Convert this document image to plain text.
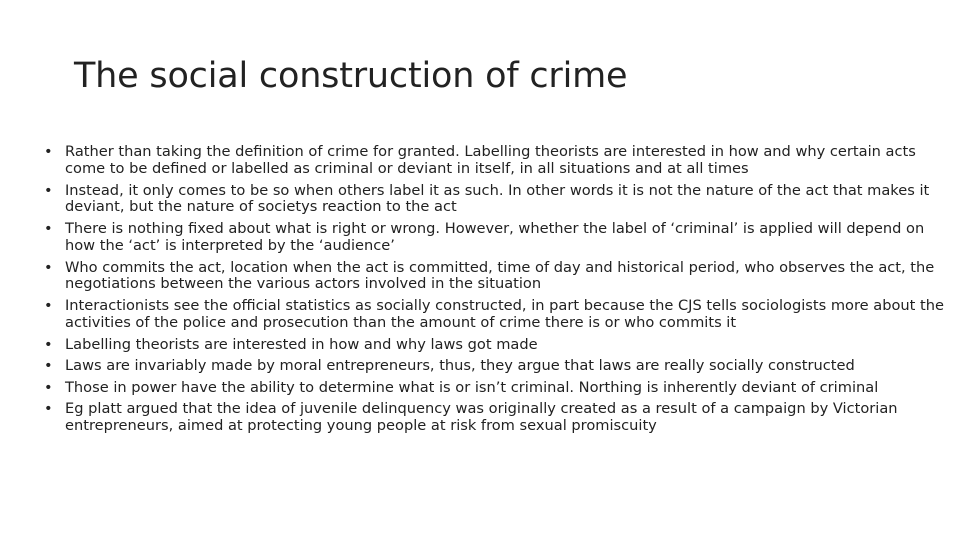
The social construction of crime
• Rather than taking the definition of crime for granted. Labelling theorists are interested in how and why certain acts come to be defined or labelled as criminal or deviant in itself, in all situations and at all times
• Instead, it only comes to be so when others label it as such. In other words it is not the nature of the act that makes it deviant, but the nature of societys reaction to the act
• There is nothing fixed about what is right or wrong. However, whether the label of ‘criminal’ is applied will depend on how the ‘act’ is interpreted by the ‘audience’
• Who commits the act, location when the act is committed, time of day and historical period, who observes the act, the negotiations between the various actors involved in the situation
• Interactionists see the official statistics as socially constructed, in part because the CJS tells sociologists more about the activities of the police and prosecution than the amount of crime there is or who commits it
• Labelling theorists are interested in how and why laws got made
• Laws are invariably made by moral entrepreneurs, thus, they argue that laws are really socially constructed
• Those in power have the ability to determine what is or isn’t criminal. Northing is inherently deviant of criminal
• Eg platt argued that the idea of juvenile delinquency was originally created as a result of a campaign by Victorian entrepreneurs, aimed at protecting young people at risk from sexual promiscuity
